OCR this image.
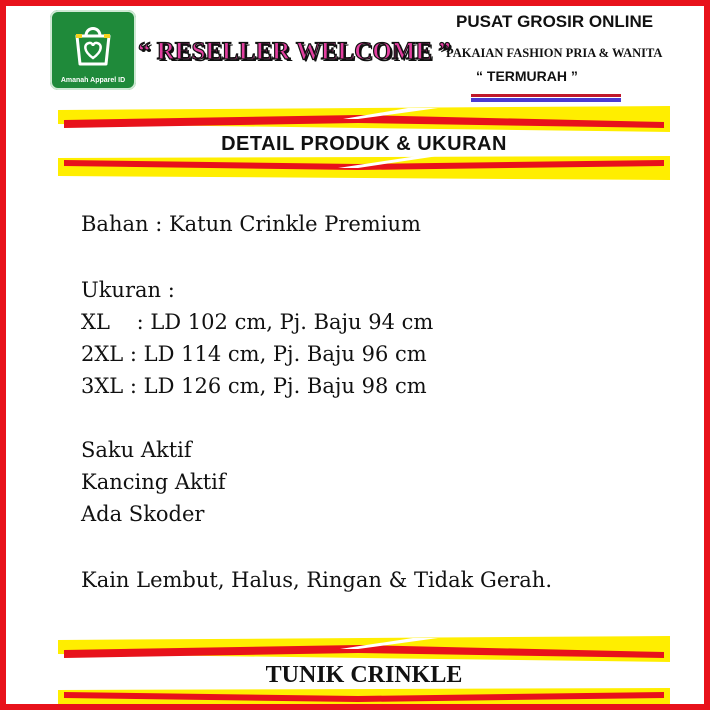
Amanah Apparel ID
“ RESELLER WELCOME ”
PUSAT GROSIR ONLINE
PAKAIAN FASHION PRIA & WANITA
“ TERMURAH ”
DETAIL PRODUK & UKURAN
Bahan : Katun Crinkle Premium
Ukuran :
XL    : LD 102 cm, Pj. Baju 94 cm
2XL : LD 114 cm, Pj. Baju 96 cm
3XL : LD 126 cm, Pj. Baju 98 cm
Saku Aktif
Kancing Aktif
Ada Skoder
Kain Lembut, Halus, Ringan & Tidak Gerah.
TUNIK CRINKLE
